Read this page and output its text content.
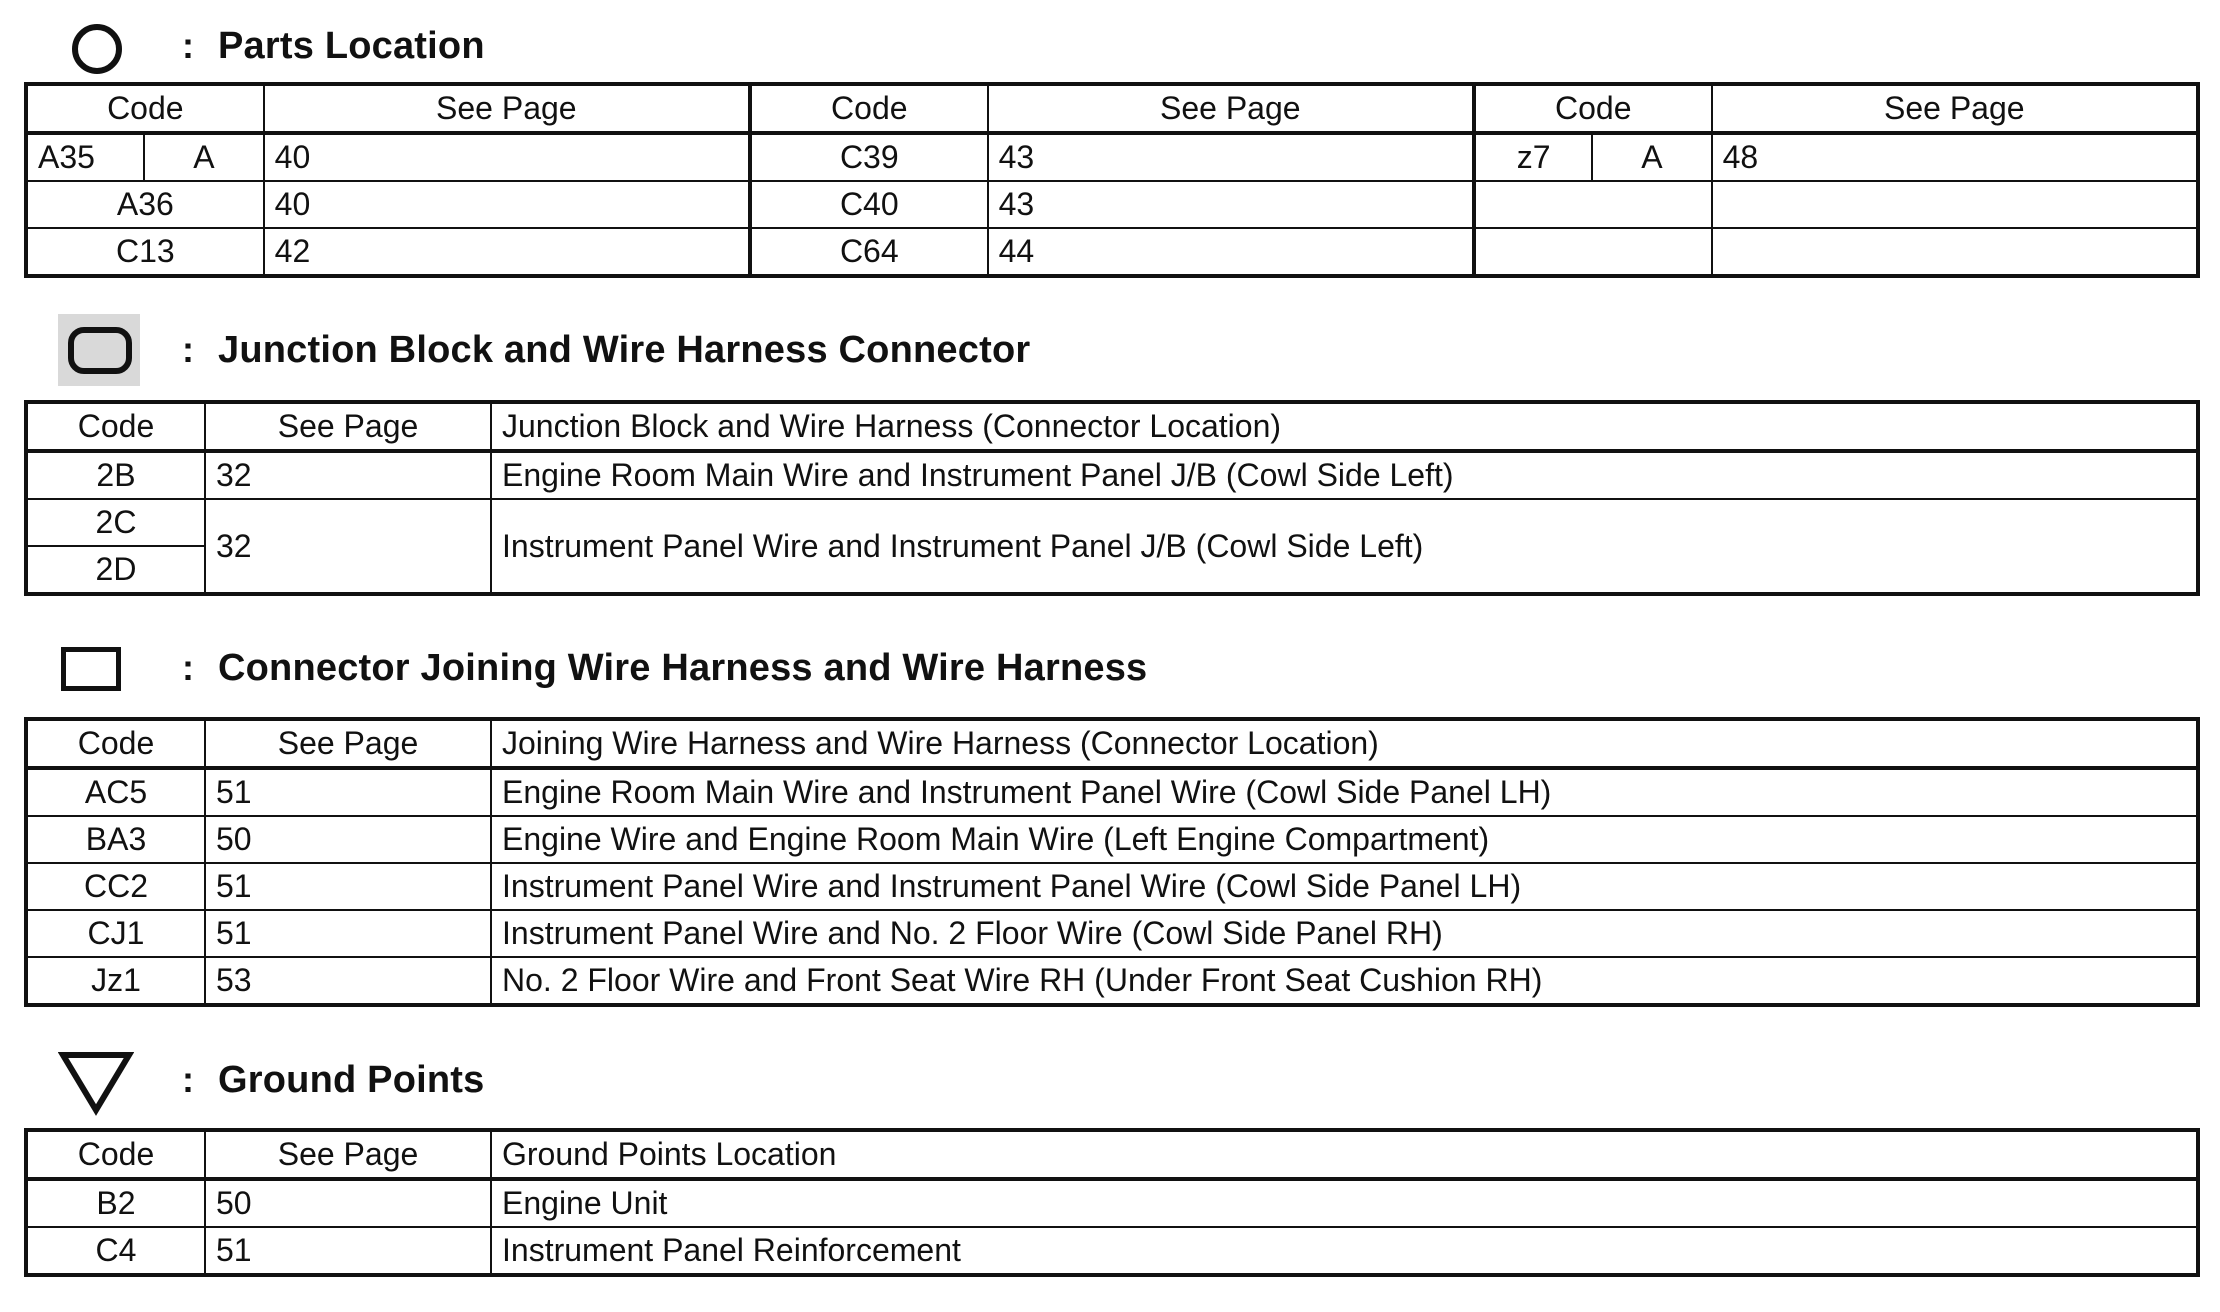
: Parts Location
Code		See Page	Code	See Page	Code		See Page
A35	A	40	C39	43	z7	A	48
A36		40	C40	43			
C13		42	C64	44			
: Junction Block and Wire Harness Connector
Code	See Page	Junction Block and Wire Harness (Connector Location)
2B	32	Engine Room Main Wire and Instrument Panel J/B (Cowl Side Left)
2C	32	Instrument Panel Wire and Instrument Panel J/B (Cowl Side Left)
2D		
: Connector Joining Wire Harness and Wire Harness
Code	See Page	Joining Wire Harness and Wire Harness (Connector Location)
AC5	51	Engine Room Main Wire and Instrument Panel Wire (Cowl Side Panel LH)
BA3	50	Engine Wire and Engine Room Main Wire (Left Engine Compartment)
CC2	51	Instrument Panel Wire and Instrument Panel Wire (Cowl Side Panel LH)
CJ1	51	Instrument Panel Wire and No. 2 Floor Wire (Cowl Side Panel RH)
Jz1	53	No. 2 Floor Wire and Front Seat Wire RH (Under Front Seat Cushion RH)
: Ground Points
Code	See Page	Ground Points Location
B2	50	Engine Unit
C4	51	Instrument Panel Reinforcement
